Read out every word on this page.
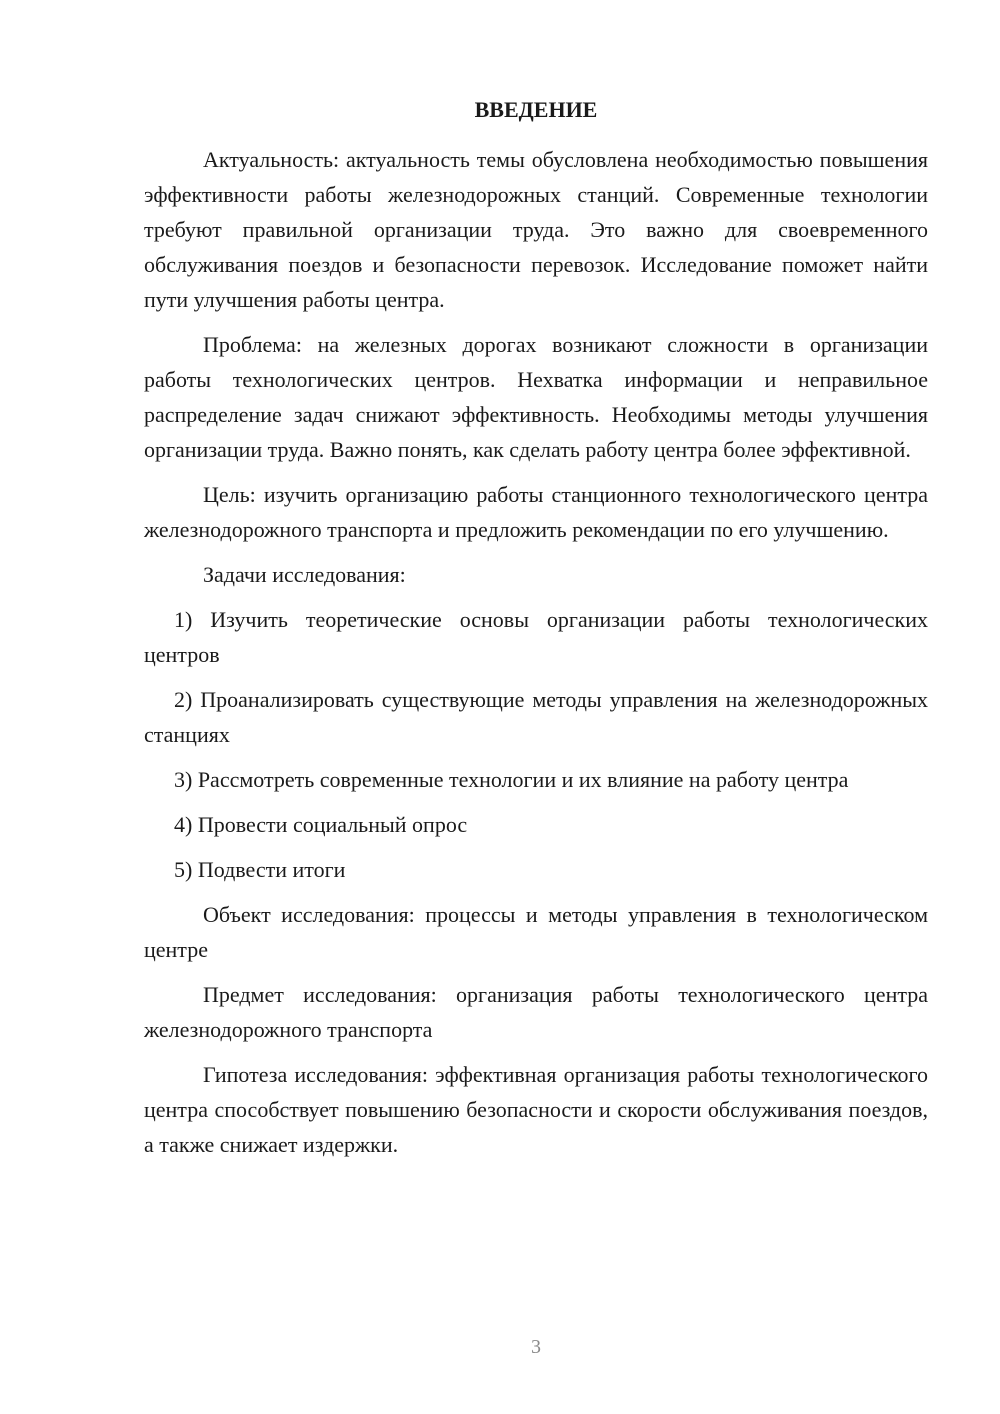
ВВЕДЕНИЕ

Актуальность: актуальность темы обусловлена необходимостью повышения эффективности работы железнодорожных станций. Современные технологии требуют правильной организации труда. Это важно для своевременного обслуживания поездов и безопасности перевозок. Исследование поможет найти пути улучшения работы центра.

Проблема: на железных дорогах возникают сложности в организации работы технологических центров. Нехватка информации и неправильное распределение задач снижают эффективность. Необходимы методы улучшения организации труда. Важно понять, как сделать работу центра более эффективной.

Цель: изучить организацию работы станционного технологического центра железнодорожного транспорта и предложить рекомендации по его улучшению.

Задачи исследования:

1) Изучить теоретические основы организации работы технологических центров

2) Проанализировать существующие методы управления на железнодорожных станциях

3) Рассмотреть современные технологии и их влияние на работу центра

4) Провести социальный опрос

5) Подвести итоги

Объект исследования: процессы и методы управления в технологическом центре

Предмет исследования: организация работы технологического центра железнодорожного транспорта

Гипотеза исследования: эффективная организация работы технологического центра способствует повышению безопасности и скорости обслуживания поездов, а также снижает издержки.

3
